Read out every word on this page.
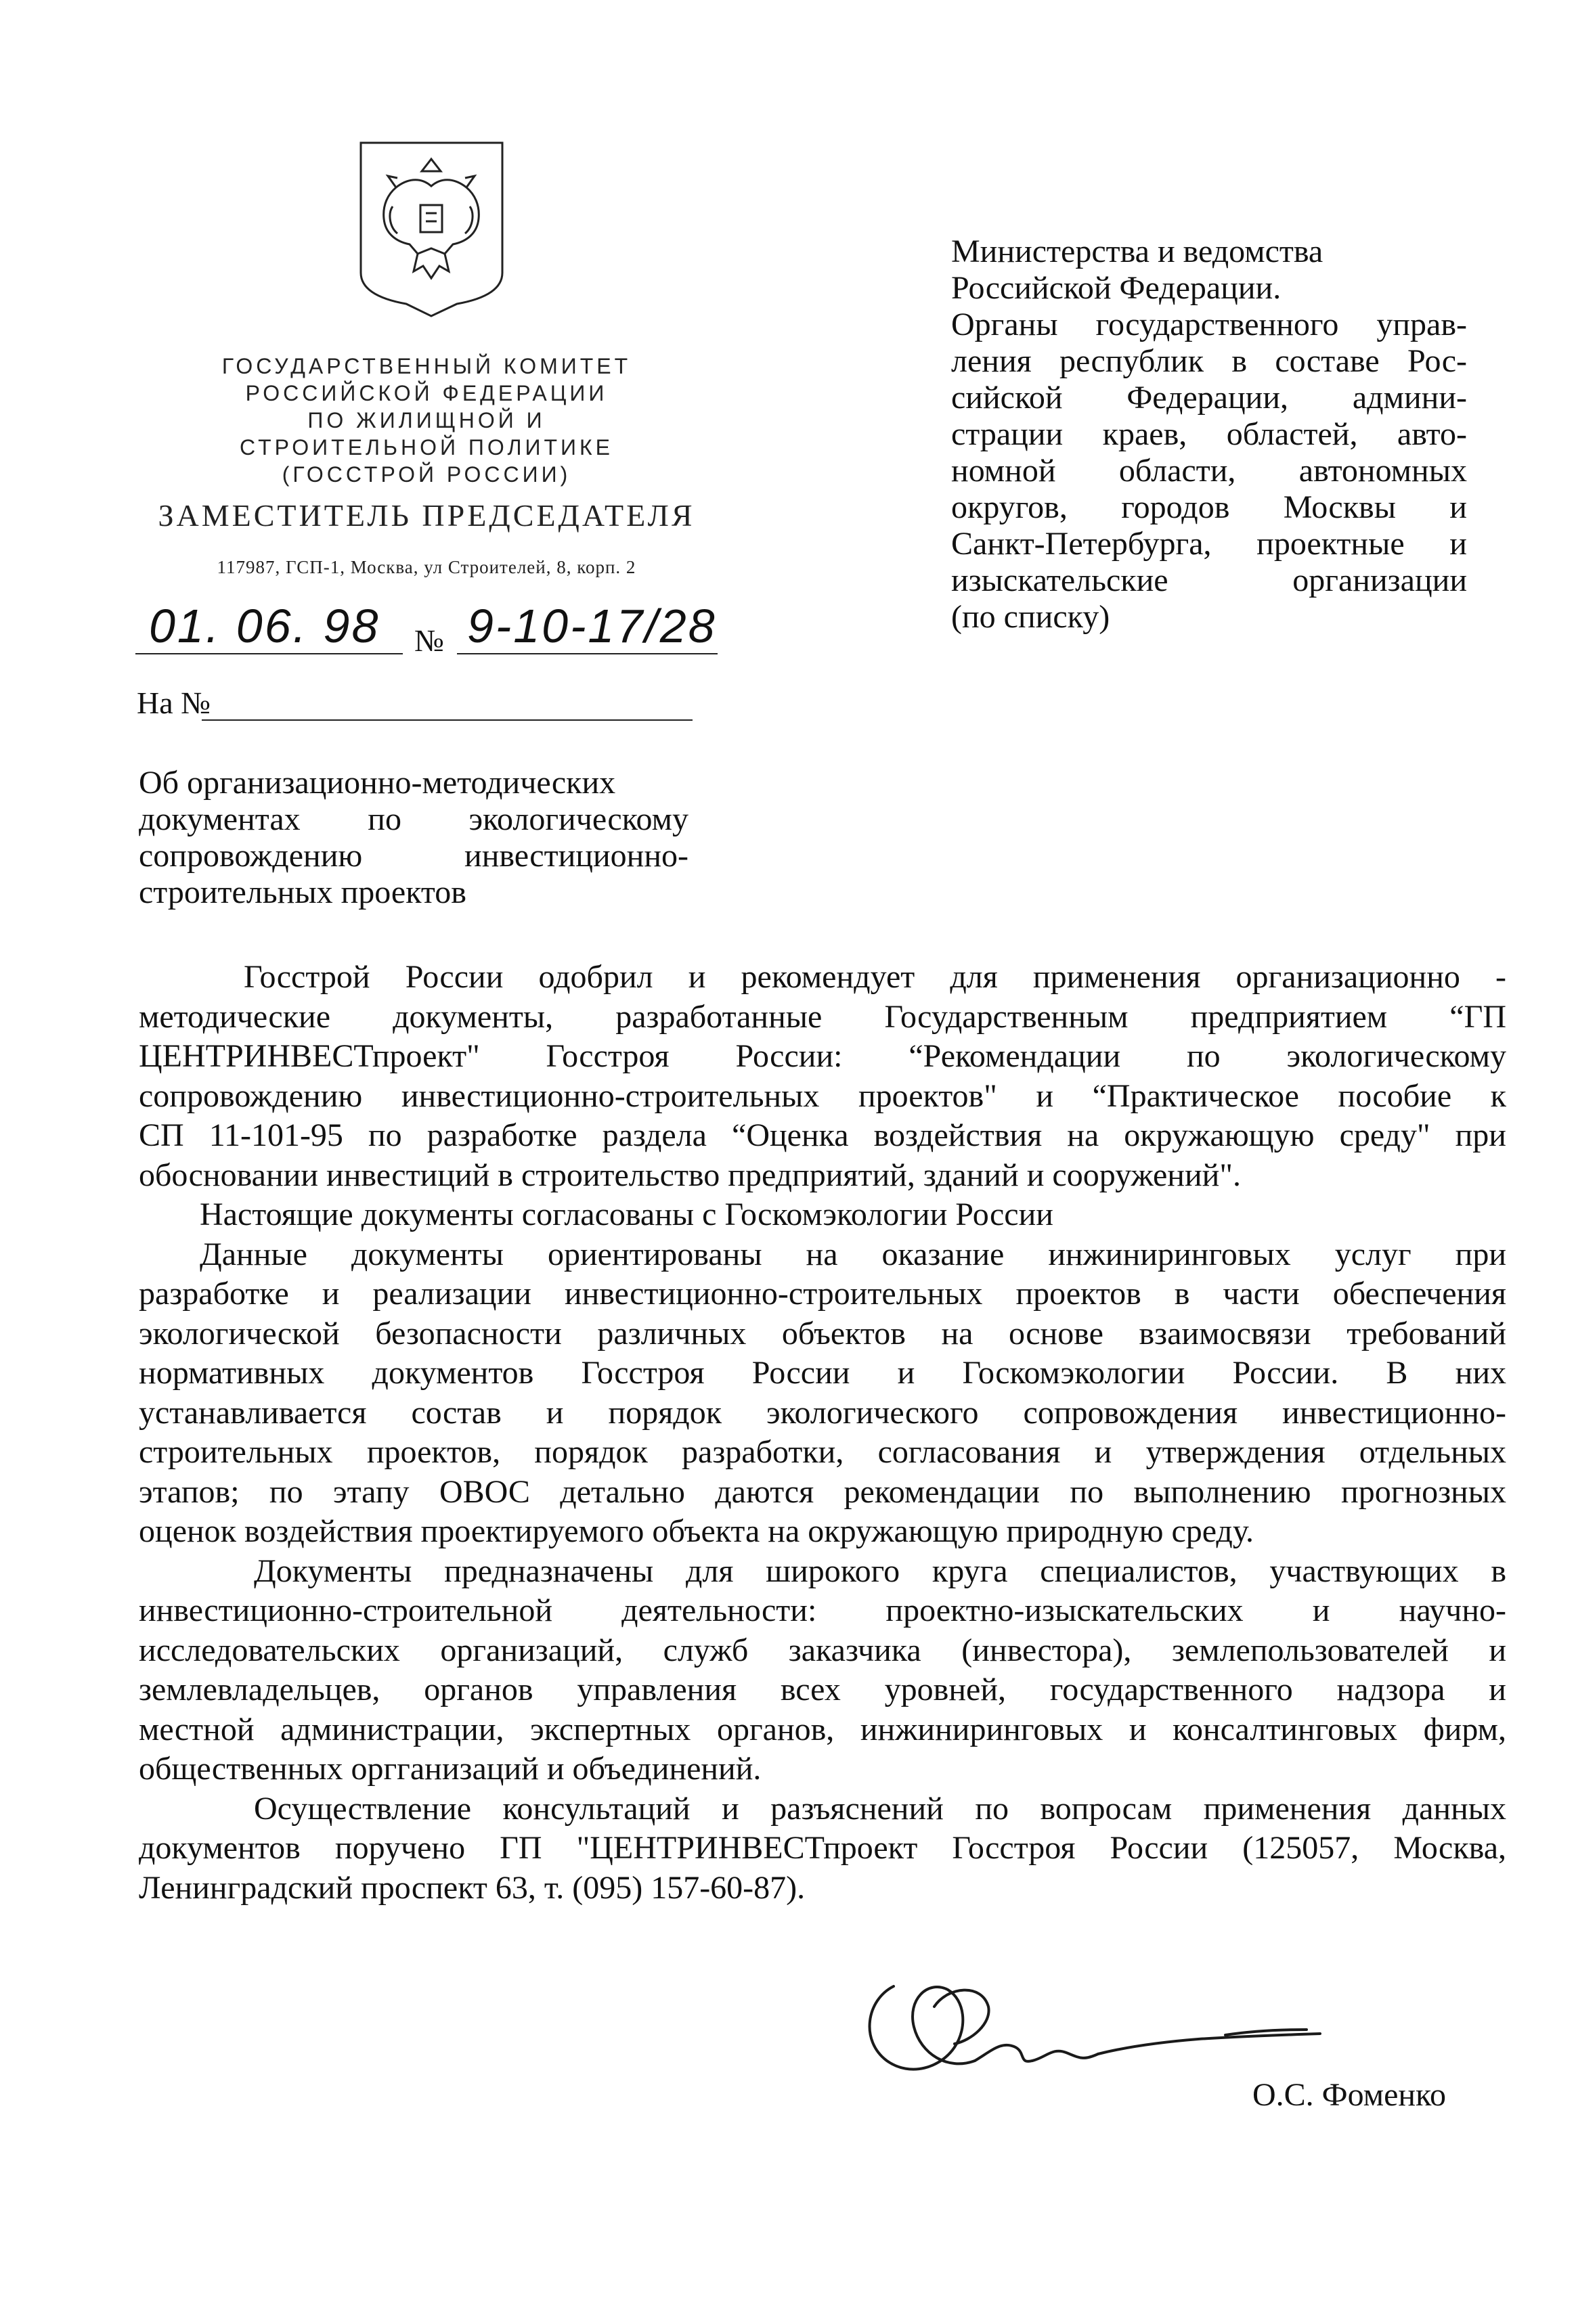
ГОСУДАРСТВЕННЫЙ КОМИТЕТ
РОССИЙСКОЙ ФЕДЕРАЦИИ
ПО ЖИЛИЩНОЙ И
СТРОИТЕЛЬНОЙ ПОЛИТИКЕ
(ГОССТРОЙ РОССИИ)
ЗАМЕСТИТЕЛЬ ПРЕДСЕДАТЕЛЯ
117987, ГСП-1, Москва, ул Строителей, 8, корп. 2
01. 06. 98 № 9-10-17/28
На №
Министерства и ведомства
Российской Федерации.
Органы государственного управ-
ления республик в составе Рос-
сийской Федерации, админи-
страции краев, областей, авто-
номной области, автономных
округов, городов Москвы и
Санкт-Петербурга, проектные и
изыскательские организации
(по списку)
Об организационно-методических
документах по экологическому
сопровождению инвестиционно-
строительных проектов
Госстрой России одобрил и рекомендует для применения организационно -
методические документы, разработанные Государственным предприятием “ГП
ЦЕНТРИНВЕСТпроект" Госстроя России: “Рекомендации по экологическому
сопровождению инвестиционно-строительных проектов" и “Практическое пособие к
СП 11-101-95 по разработке раздела “Оценка воздействия на окружающую среду" при
обосновании инвестиций в строительство предприятий, зданий и сооружений".
Настоящие документы согласованы с Госкомэкологии России
Данные документы ориентированы на оказание инжиниринговых услуг при
разработке и реализации инвестиционно-строительных проектов в части обеспечения
экологической безопасности различных объектов на основе взаимосвязи требований
нормативных документов Госстроя России и Госкомэкологии России. В них
устанавливается состав и порядок экологического сопровождения инвестиционно-
строительных проектов, порядок разработки, согласования и утверждения отдельных
этапов; по этапу ОВОС детально даются рекомендации по выполнению прогнозных
оценок воздействия проектируемого объекта на окружающую природную среду.
Документы предназначены для широкого круга специалистов, участвующих в
инвестиционно-строительной деятельности: проектно-изыскательских и научно-
исследовательских организаций, служб заказчика (инвестора), землепользователей и
землевладельцев, органов управления всех уровней, государственного надзора и
местной администрации, экспертных органов, инжиниринговых и консалтинговых фирм,
общественных оргганизаций и объединений.
Осуществление консультаций и разъяснений по вопросам применения данных
документов поручено ГП "ЦЕНТРИНВЕСТпроект Госстроя России (125057, Москва,
Ленинградский проспект 63, т. (095) 157-60-87).
О.С. Фоменко
